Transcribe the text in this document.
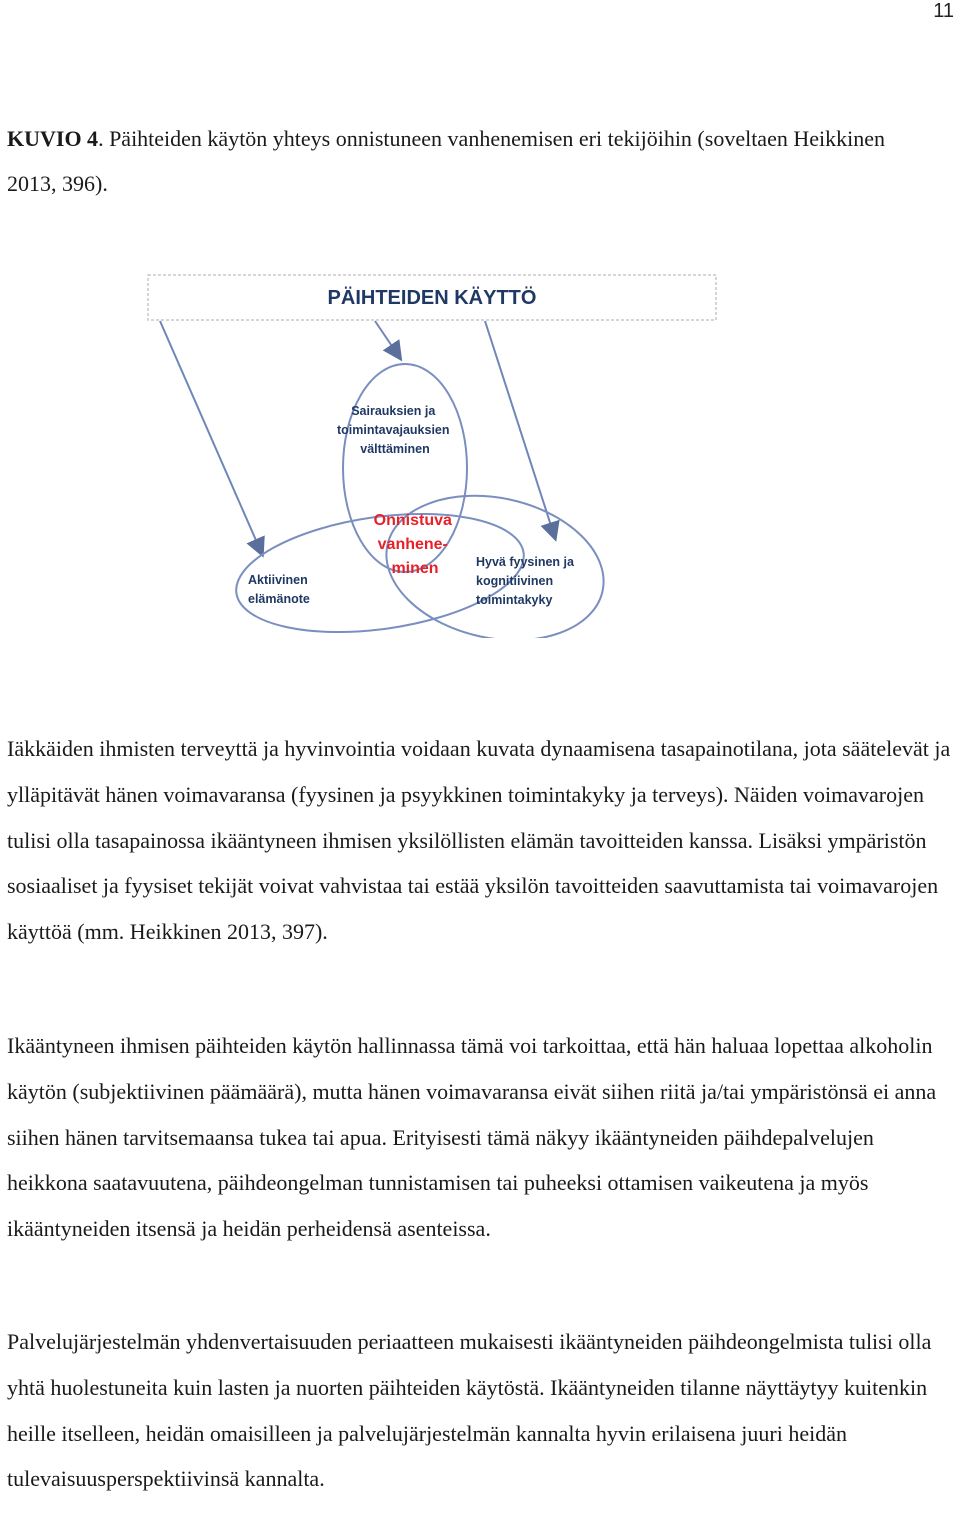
11
KUVIO 4. Päihteiden käytön yhteys onnistuneen vanhenemisen eri tekijöihin (soveltaen Heikkinen 2013, 396).
PÄIHTEIDEN KÄYTTÖ
Sairauksien ja toimintavajauksien välttäminen
Onnistuva vanhene- minen
Aktiivinen elämänote
Hyvä fyysinen ja kognitiivinen toimintakyky

Iäkkäiden ihmisten terveyttä ja hyvinvointia voidaan kuvata dynaamisena tasapainotilana, jota säätelevät ja ylläpitävät hänen voimavaransa (fyysinen ja psyykkinen toimintakyky ja terveys). Näiden voimavarojen tulisi olla tasapainossa ikääntyneen ihmisen yksilöllisten elämän tavoitteiden kanssa. Lisäksi ympäristön sosiaaliset ja fyysiset tekijät voivat vahvistaa tai estää yksilön tavoitteiden saavuttamista tai voimavarojen käyttöä (mm. Heikkinen 2013, 397).

Ikääntyneen ihmisen päihteiden käytön hallinnassa tämä voi tarkoittaa, että hän haluaa lopettaa alkoholin käytön (subjektiivinen päämäärä), mutta hänen voimavaransa eivät siihen riitä ja/tai ympäristönsä ei anna siihen hänen tarvitsemaansa tukea tai apua. Erityisesti tämä näkyy ikääntyneiden päihdepalvelujen heikkona saatavuutena, päihdeongelman tunnistamisen tai puheeksi ottamisen vaikeutena ja myös ikääntyneiden itsensä ja heidän perheidensä asenteissa.

Palvelujärjestelmän yhdenvertaisuuden periaatteen mukaisesti ikääntyneiden päihdeongelmista tulisi olla yhtä huolestuneita kuin lasten ja nuorten päihteiden käytöstä. Ikääntyneiden tilanne näyttäytyy kuitenkin heille itselleen, heidän omaisilleen ja palvelujärjestelmän kannalta hyvin erilaisena juuri heidän tulevaisuusperspektiivinsä kannalta.
